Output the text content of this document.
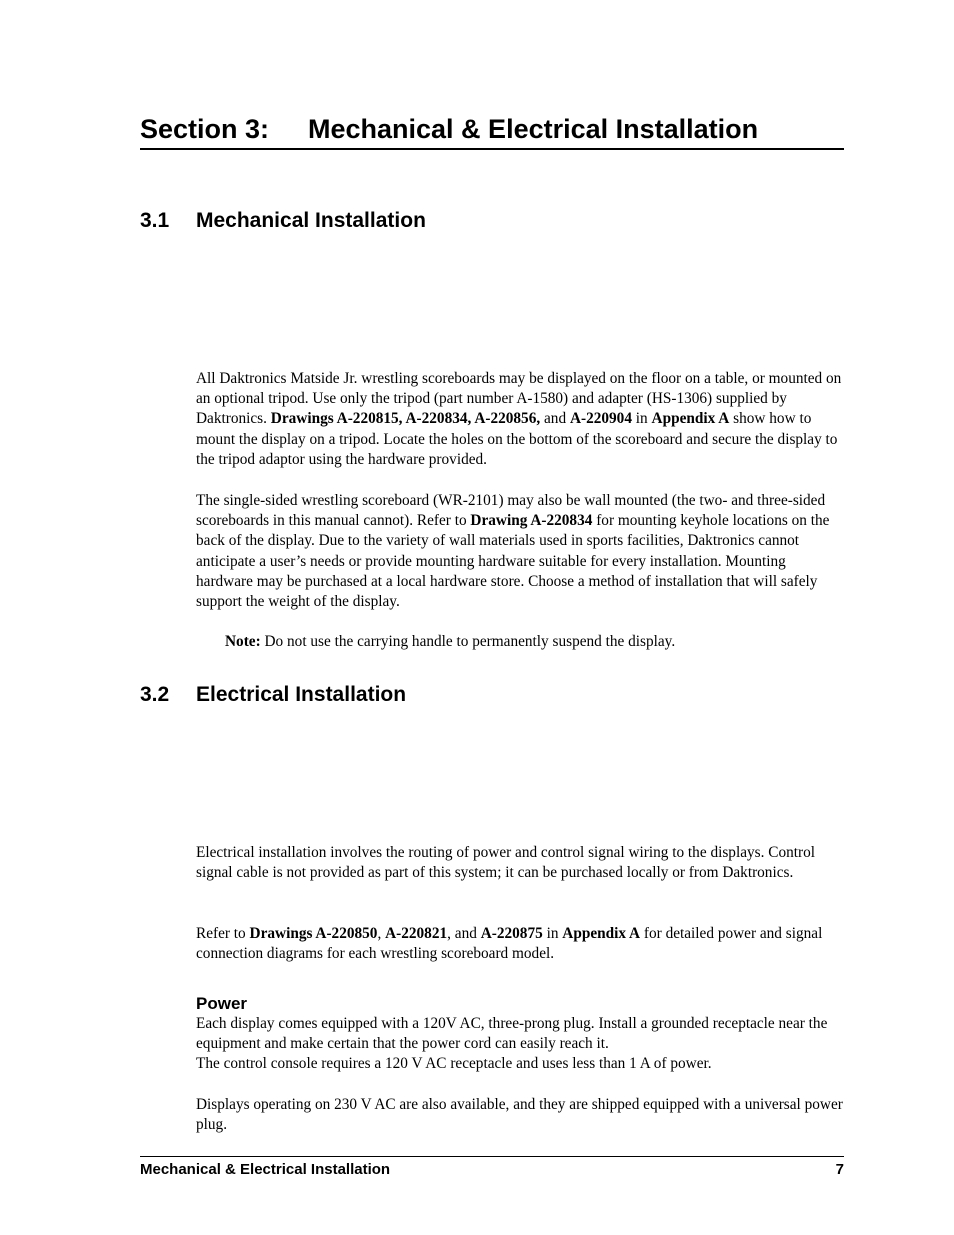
Section 3: Mechanical & Electrical Installation
3.1 Mechanical Installation

All Daktronics Matside Jr. wrestling scoreboards may be displayed on the floor on a table, or mounted on an optional tripod. Use only the tripod (part number A-1580) and adapter (HS-1306) supplied by Daktronics. Drawings A-220815, A-220834, A-220856, and A-220904 in Appendix A show how to mount the display on a tripod. Locate the holes on the bottom of the scoreboard and secure the display to the tripod adaptor using the hardware provided.

The single-sided wrestling scoreboard (WR-2101) may also be wall mounted (the two- and three-sided scoreboards in this manual cannot). Refer to Drawing A-220834 for mounting keyhole locations on the back of the display. Due to the variety of wall materials used in sports facilities, Daktronics cannot anticipate a user’s needs or provide mounting hardware suitable for every installation. Mounting hardware may be purchased at a local hardware store. Choose a method of installation that will safely support the weight of the display.

Note: Do not use the carrying handle to permanently suspend the display.

3.2 Electrical Installation

Electrical installation involves the routing of power and control signal wiring to the displays. Control signal cable is not provided as part of this system; it can be purchased locally or from Daktronics.

Refer to Drawings A-220850, A-220821, and A-220875 in Appendix A for detailed power and signal connection diagrams for each wrestling scoreboard model.

Power

Each display comes equipped with a 120V AC, three-prong plug. Install a grounded receptacle near the equipment and make certain that the power cord can easily reach it.
The control console requires a 120 V AC receptacle and uses less than 1 A of power.

Displays operating on 230 V AC are also available, and they are shipped equipped with a universal power plug.

Mechanical & Electrical Installation	7
